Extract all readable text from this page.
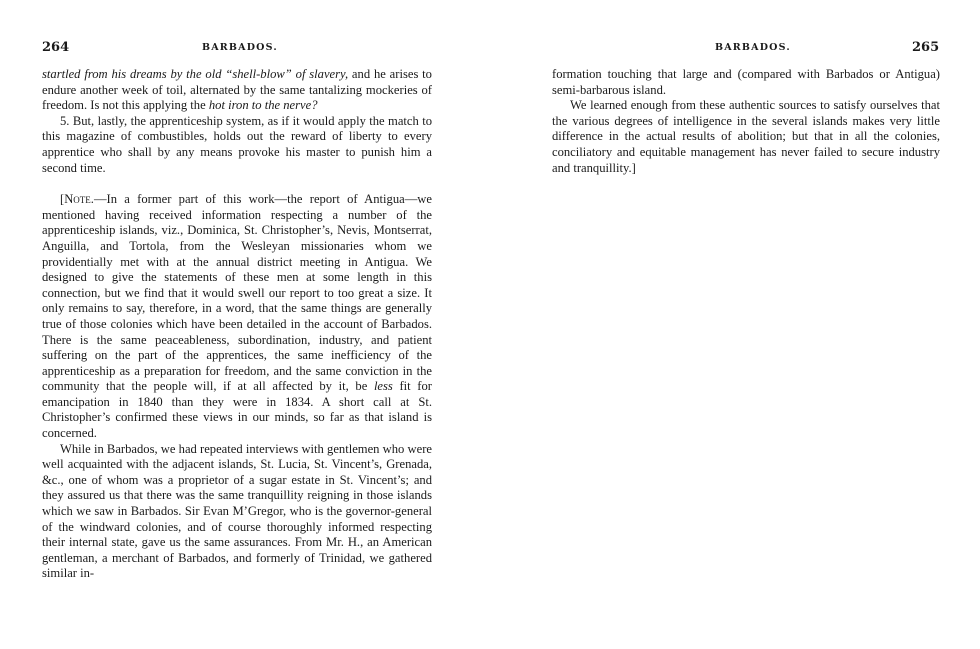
264	BARBADOS.

startled from his dreams by the old “shell-blow” of slavery, and he arises to endure another week of toil, alternated by the same tantalizing mockeries of freedom. Is not this applying the hot iron to the nerve?

5. But, lastly, the apprenticeship system, as if it would apply the match to this magazine of combustibles, holds out the reward of liberty to every apprentice who shall by any means provoke his master to punish him a second time.

[Note.—In a former part of this work—the report of Antigua—we mentioned having received information respecting a number of the apprenticeship islands, viz., Dominica, St. Christopher’s, Nevis, Montserrat, Anguilla, and Tortola, from the Wesleyan missionaries whom we providentially met with at the annual district meeting in Antigua. We designed to give the statements of these men at some length in this connection, but we find that it would swell our report to too great a size. It only remains to say, therefore, in a word, that the same things are generally true of those colonies which have been detailed in the account of Barbados. There is the same peaceableness, subordination, industry, and patient suffering on the part of the apprentices, the same inefficiency of the apprenticeship as a preparation for freedom, and the same conviction in the community that the people will, if at all affected by it, be less fit for emancipation in 1840 than they were in 1834. A short call at St. Christopher’s confirmed these views in our minds, so far as that island is concerned.

While in Barbados, we had repeated interviews with gentlemen who were well acquainted with the adjacent islands, St. Lucia, St. Vincent’s, Grenada, &c., one of whom was a proprietor of a sugar estate in St. Vincent’s; and they assured us that there was the same tranquillity reigning in those islands which we saw in Barbados. Sir Evan M’Gregor, who is the governor-general of the windward colonies, and of course thoroughly informed respecting their internal state, gave us the same assurances. From Mr. H., an American gentleman, a merchant of Barbados, and formerly of Trinidad, we gathered similar in-

BARBADOS.	265

formation touching that large and (compared with Barbados or Antigua) semi-barbarous island.

We learned enough from these authentic sources to satisfy ourselves that the various degrees of intelligence in the several islands makes very little difference in the actual results of abolition; but that in all the colonies, conciliatory and equitable management has never failed to secure industry and tranquillity.]
